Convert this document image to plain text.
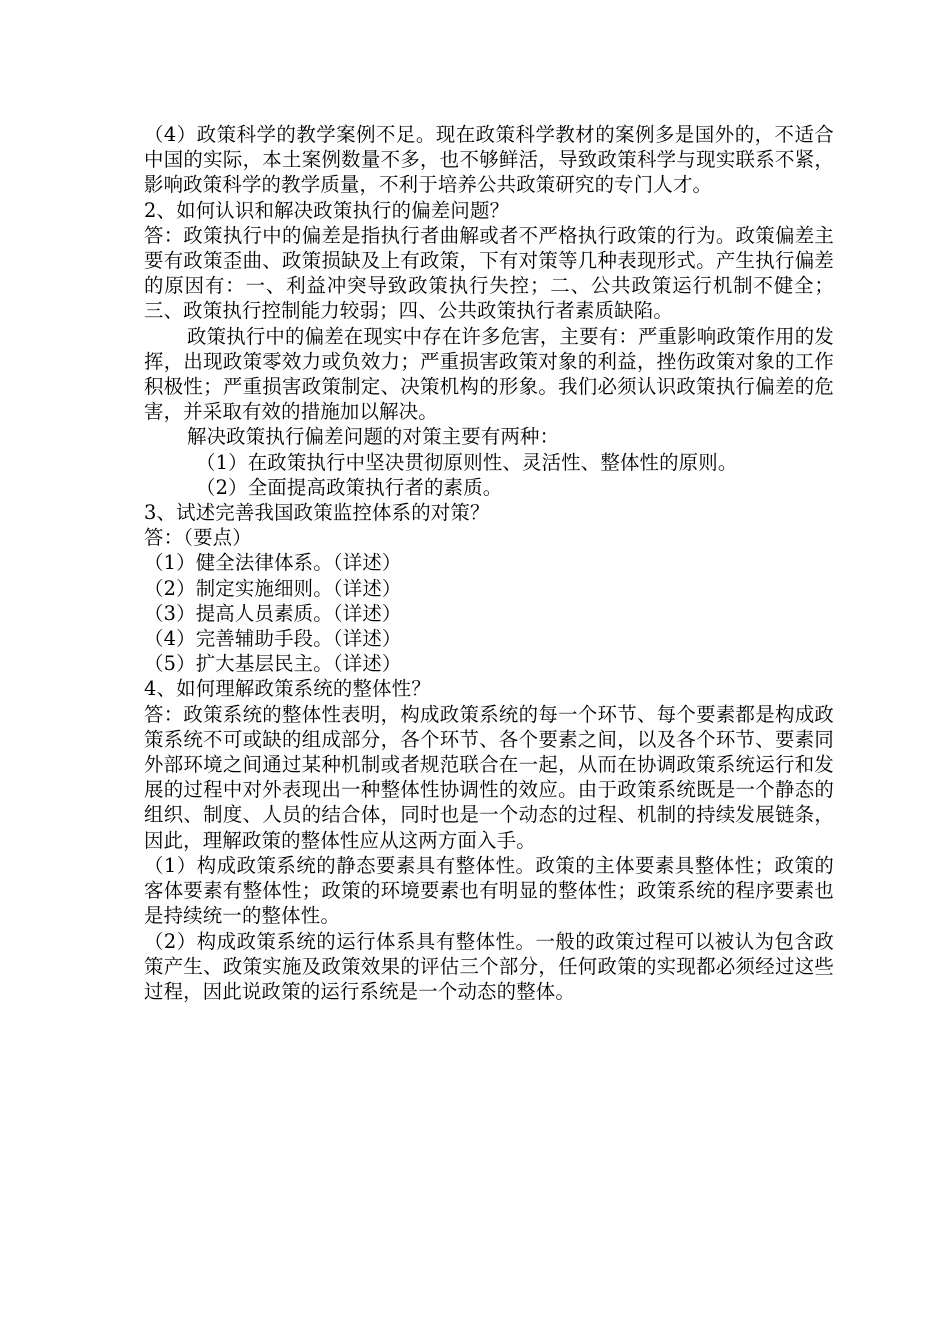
（4）政策科学的教学案例不足。现在政策科学教材的案例多是国外的，不适合中国的实际，本土案例数量不多，也不够鲜活，导致政策科学与现实联系不紧，影响政策科学的教学质量，不利于培养公共政策研究的专门人才。

2、如何认识和解决政策执行的偏差问题？

答：政策执行中的偏差是指执行者曲解或者不严格执行政策的行为。政策偏差主要有政策歪曲、政策损缺及上有政策，下有对策等几种表现形式。产生执行偏差的原因有：一、利益冲突导致政策执行失控；二、公共政策运行机制不健全；三、政策执行控制能力较弱；四、公共政策执行者素质缺陷。

政策执行中的偏差在现实中存在许多危害，主要有：严重影响政策作用的发挥，出现政策零效力或负效力；严重损害政策对象的利益，挫伤政策对象的工作积极性；严重损害政策制定、决策机构的形象。我们必须认识政策执行偏差的危害，并采取有效的措施加以解决。

解决政策执行偏差问题的对策主要有两种：

（1）在政策执行中坚决贯彻原则性、灵活性、整体性的原则。

（2）全面提高政策执行者的素质。

3、试述完善我国政策监控体系的对策？

答：（要点）

（1）健全法律体系。（详述）

（2）制定实施细则。（详述）

（3）提高人员素质。（详述）

（4）完善辅助手段。（详述）

（5）扩大基层民主。（详述）

4、如何理解政策系统的整体性？

答：政策系统的整体性表明，构成政策系统的每一个环节、每个要素都是构成政策系统不可或缺的组成部分，各个环节、各个要素之间，以及各个环节、要素同外部环境之间通过某种机制或者规范联合在一起，从而在协调政策系统运行和发展的过程中对外表现出一种整体性协调性的效应。由于政策系统既是一个静态的组织、制度、人员的结合体，同时也是一个动态的过程、机制的持续发展链条，因此，理解政策的整体性应从这两方面入手。

（1）构成政策系统的静态要素具有整体性。政策的主体要素具整体性；政策的客体要素有整体性；政策的环境要素也有明显的整体性；政策系统的程序要素也是持续统一的整体性。

（2）构成政策系统的运行体系具有整体性。一般的政策过程可以被认为包含政策产生、政策实施及政策效果的评估三个部分，任何政策的实现都必须经过这些过程，因此说政策的运行系统是一个动态的整体。
